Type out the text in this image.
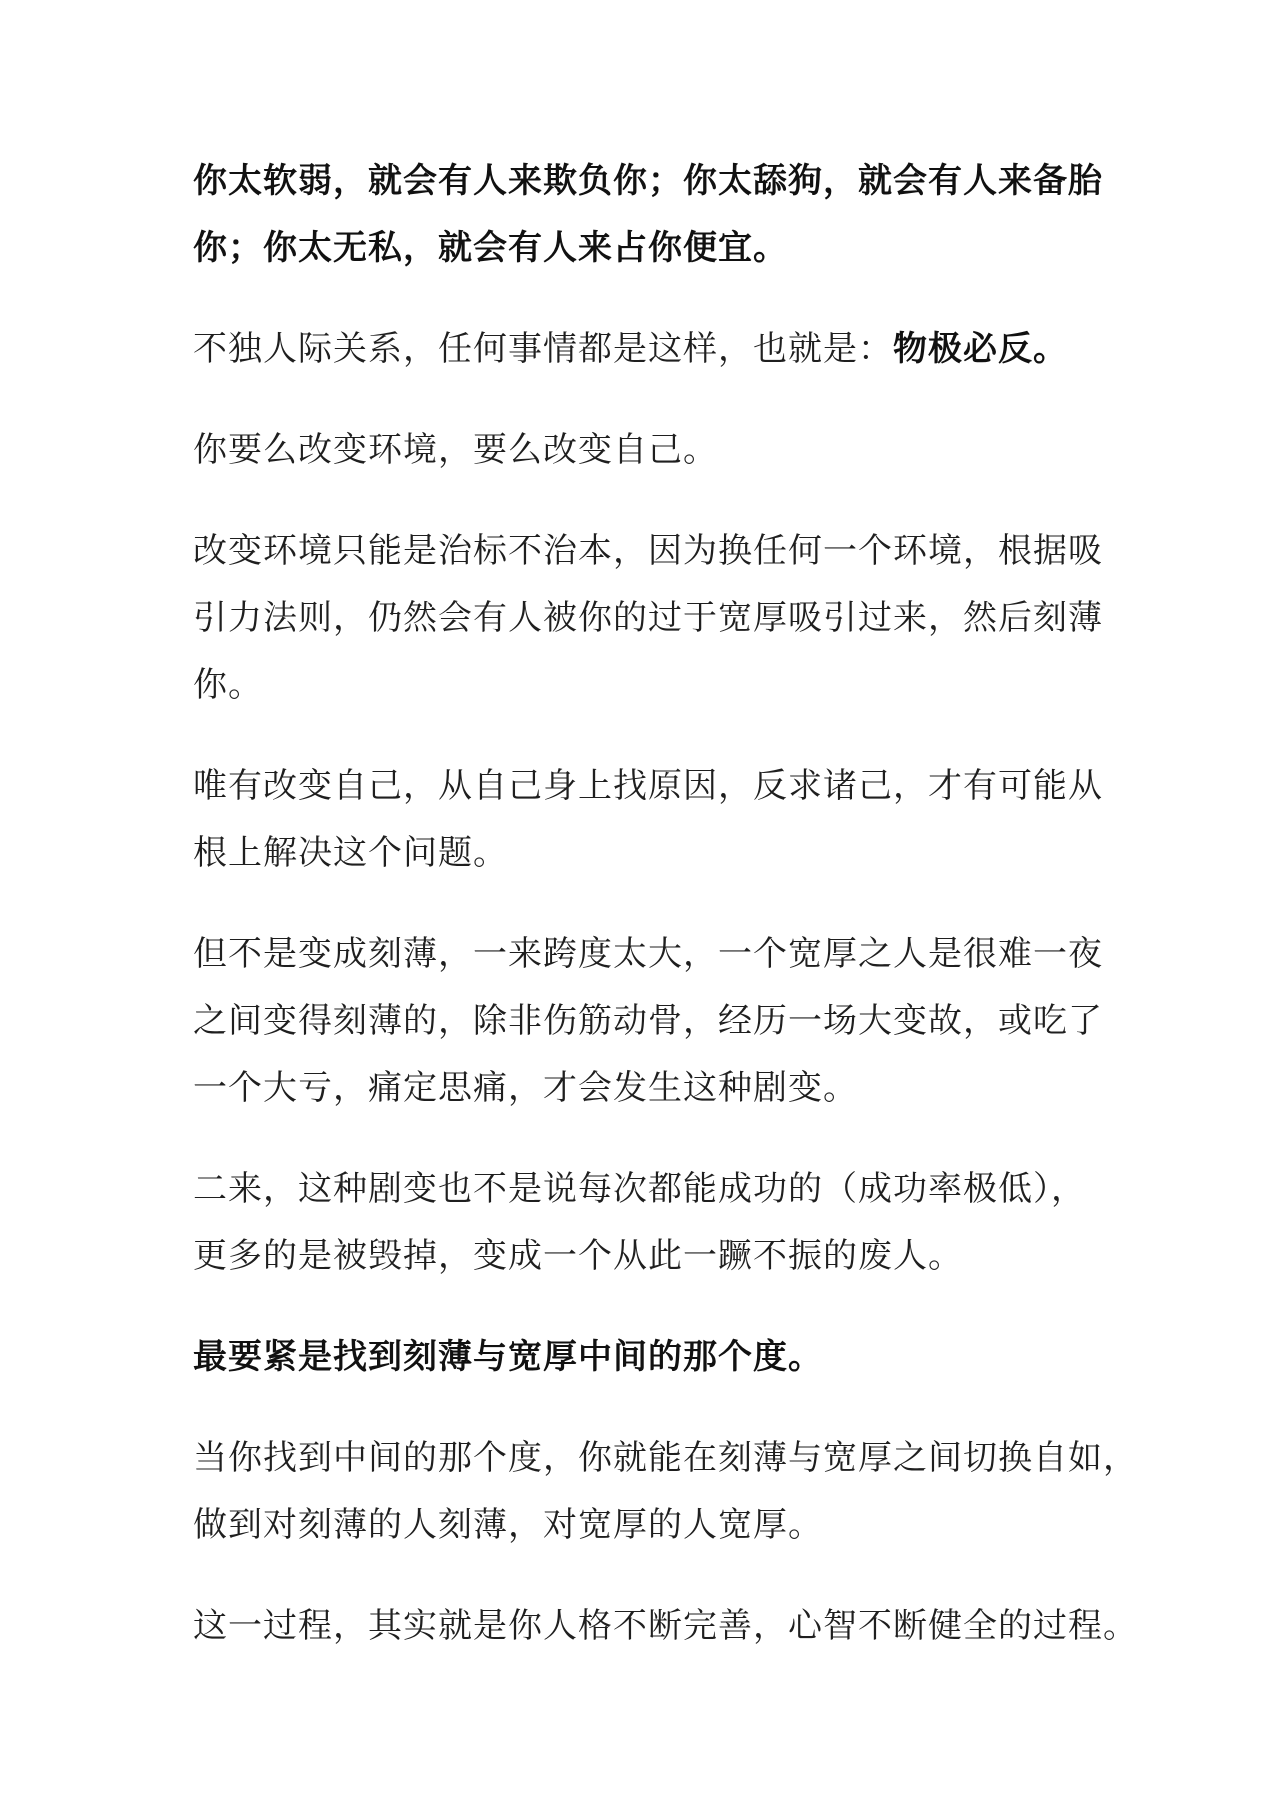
你太软弱，就会有人来欺负你；你太舔狗，就会有人来备胎
你；你太无私，就会有人来占你便宜。
不独人际关系，任何事情都是这样，也就是：物极必反。
你要么改变环境，要么改变自己。
改变环境只能是治标不治本，因为换任何一个环境，根据吸
引力法则，仍然会有人被你的过于宽厚吸引过来，然后刻薄
你。
唯有改变自己，从自己身上找原因，反求诸己，才有可能从
根上解决这个问题。
但不是变成刻薄，一来跨度太大，一个宽厚之人是很难一夜
之间变得刻薄的，除非伤筋动骨，经历一场大变故，或吃了
一个大亏，痛定思痛，才会发生这种剧变。
二来，这种剧变也不是说每次都能成功的（成功率极低），
更多的是被毁掉，变成一个从此一蹶不振的废人。
最要紧是找到刻薄与宽厚中间的那个度。
当你找到中间的那个度，你就能在刻薄与宽厚之间切换自如，
做到对刻薄的人刻薄，对宽厚的人宽厚。
这一过程，其实就是你人格不断完善，心智不断健全的过程。
